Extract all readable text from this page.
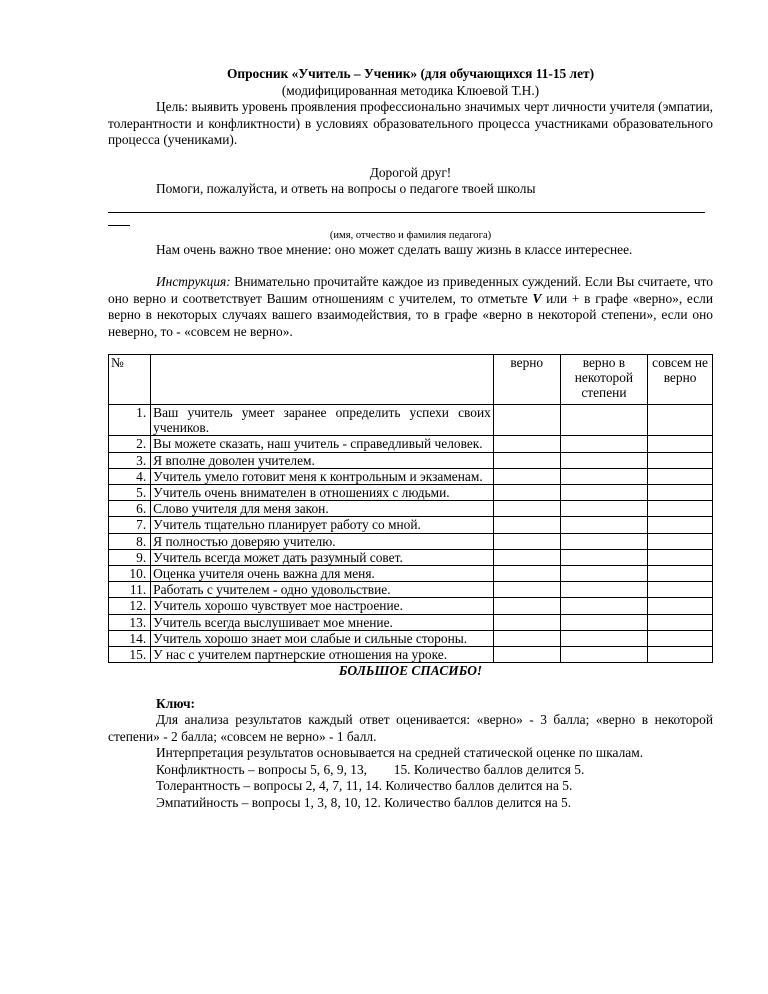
Опросник «Учитель – Ученик» (для обучающихся 11-15 лет)

(модифицированная методика Клюевой Т.Н.)

Цель: выявить уровень проявления профессионально значимых черт личности учителя (эмпатии, толерантности и конфликтности) в условиях образовательного процесса участниками образовательного процесса (учениками).

Дорогой друг!

Помоги, пожалуйста, и ответь на вопросы о педагоге твоей школы

(имя, отчество и фамилия педагога)

Нам очень важно твое мнение: оно может сделать вашу жизнь в классе интереснее.

Инструкция: Внимательно прочитайте каждое из приведенных суждений. Если Вы считаете, что оно верно и соответствует Вашим отношениям с учителем, то отметьте V или + в графе «верно», если верно в некоторых случаях вашего взаимодействия, то в графе «верно в некоторой степени», если оно неверно, то - «совсем не верно».

№		верно	верно в некоторой степени	совсем не верно
1.	Ваш учитель умеет заранее определить успехи своих учеников.			
2.	Вы можете сказать, наш учитель - справедливый человек.			
3.	Я вполне доволен учителем.			
4.	Учитель умело готовит меня к контрольным и экзаменам.			
5.	Учитель очень внимателен в отношениях с людьми.			
6.	Слово учителя для меня закон.			
7.	Учитель тщательно планирует работу со мной.			
8.	Я полностью доверяю учителю.			
9.	Учитель всегда может дать разумный совет.			
10.	Оценка учителя очень важна для меня.			
11.	Работать с учителем - одно удовольствие.			
12.	Учитель хорошо чувствует мое настроение.			
13.	Учитель всегда выслушивает мое мнение.			
14.	Учитель хорошо знает мои слабые и сильные стороны.			
15.	У нас с учителем партнерские отношения на уроке.			

БОЛЬШОЕ СПАСИБО!

Ключ:

Для анализа результатов каждый ответ оценивается: «верно» - 3 балла; «верно в некоторой степени» - 2 балла; «совсем не верно» - 1 балл.

Интерпретация результатов основывается на средней статической оценке по шкалам.

Конфликтность – вопросы 5, 6, 9, 13,        15. Количество баллов делится 5.

Толерантность – вопросы 2, 4, 7, 11, 14. Количество баллов делится на 5.

Эмпатийность – вопросы 1, 3, 8, 10, 12. Количество баллов делится на 5.
